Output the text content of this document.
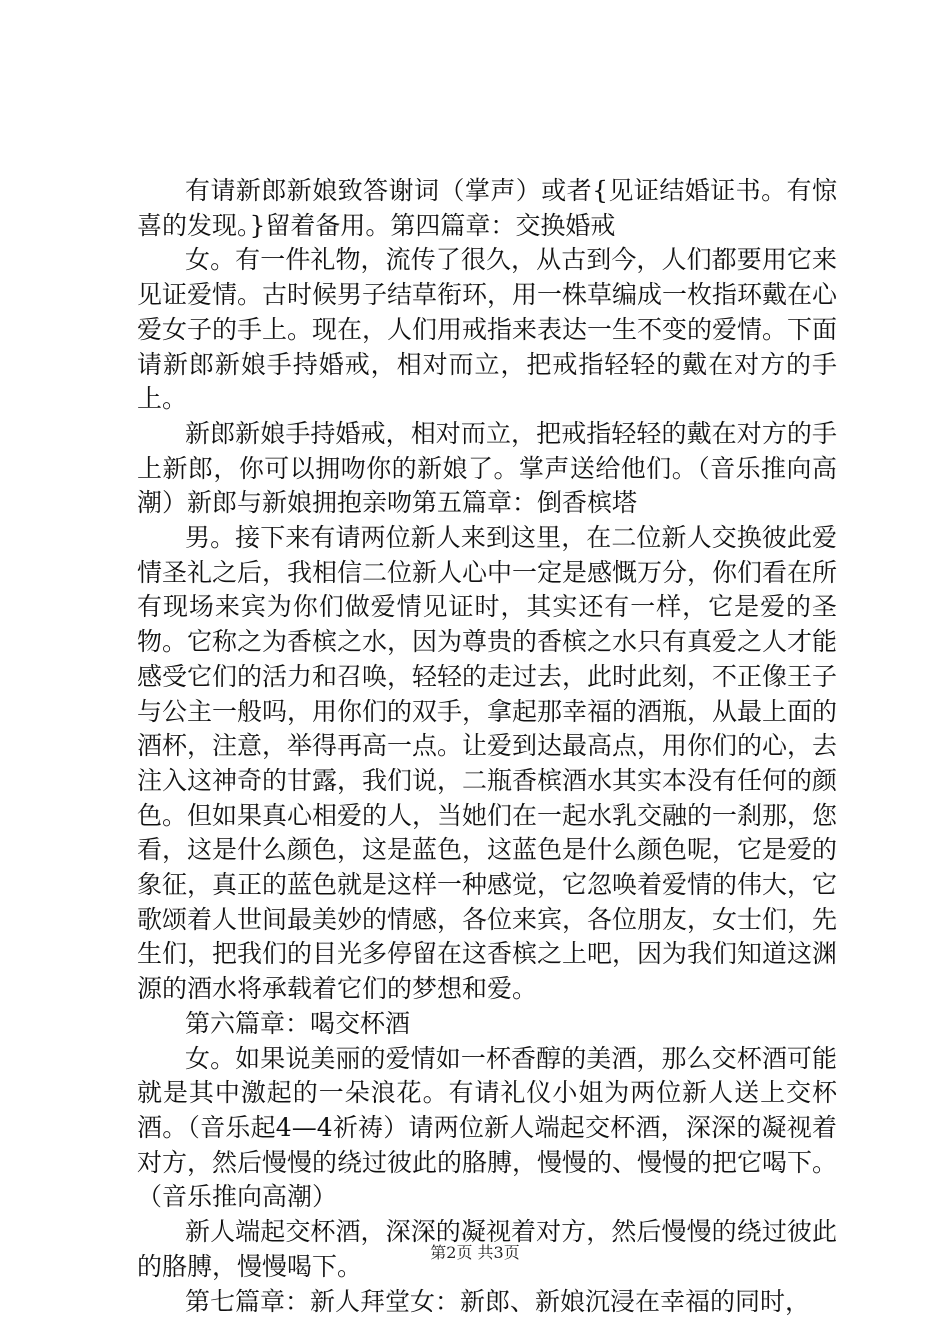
有请新郎新娘致答谢词（掌声）或者{见证结婚证书。有惊喜的发现。}留着备用。第四篇章：交换婚戒

女。有一件礼物，流传了很久，从古到今，人们都要用它来见证爱情。古时候男子结草衔环，用一株草编成一枚指环戴在心爱女子的手上。现在，人们用戒指来表达一生不变的爱情。下面请新郎新娘手持婚戒，相对而立，把戒指轻轻的戴在对方的手上。

新郎新娘手持婚戒，相对而立，把戒指轻轻的戴在对方的手上新郎，你可以拥吻你的新娘了。掌声送给他们。（音乐推向高潮）新郎与新娘拥抱亲吻第五篇章：倒香槟塔

男。接下来有请两位新人来到这里，在二位新人交换彼此爱情圣礼之后，我相信二位新人心中一定是感慨万分，你们看在所有现场来宾为你们做爱情见证时，其实还有一样，它是爱的圣物。它称之为香槟之水，因为尊贵的香槟之水只有真爱之人才能感受它们的活力和召唤，轻轻的走过去，此时此刻，不正像王子与公主一般吗，用你们的双手，拿起那幸福的酒瓶，从最上面的酒杯，注意，举得再高一点。让爱到达最高点，用你们的心，去注入这神奇的甘露，我们说，二瓶香槟酒水其实本没有任何的颜色。但如果真心相爱的人，当她们在一起水乳交融的一刹那，您看，这是什么颜色，这是蓝色，这蓝色是什么颜色呢，它是爱的象征，真正的蓝色就是这样一种感觉，它忽唤着爱情的伟大，它歌颂着人世间最美妙的情感，各位来宾，各位朋友，女士们，先生们，把我们的目光多停留在这香槟之上吧，因为我们知道这渊源的酒水将承载着它们的梦想和爱。

第六篇章：喝交杯酒

女。如果说美丽的爱情如一杯香醇的美酒，那么交杯酒可能就是其中激起的一朵浪花。有请礼仪小姐为两位新人送上交杯酒。（音乐起4—4祈祷）请两位新人端起交杯酒，深深的凝视着对方，然后慢慢的绕过彼此的胳膊，慢慢的、慢慢的把它喝下。（音乐推向高潮）

新人端起交杯酒，深深的凝视着对方，然后慢慢的绕过彼此的胳膊，慢慢喝下。

第七篇章：新人拜堂女：新郎、新娘沉浸在幸福的同时，

第2页 共3页
